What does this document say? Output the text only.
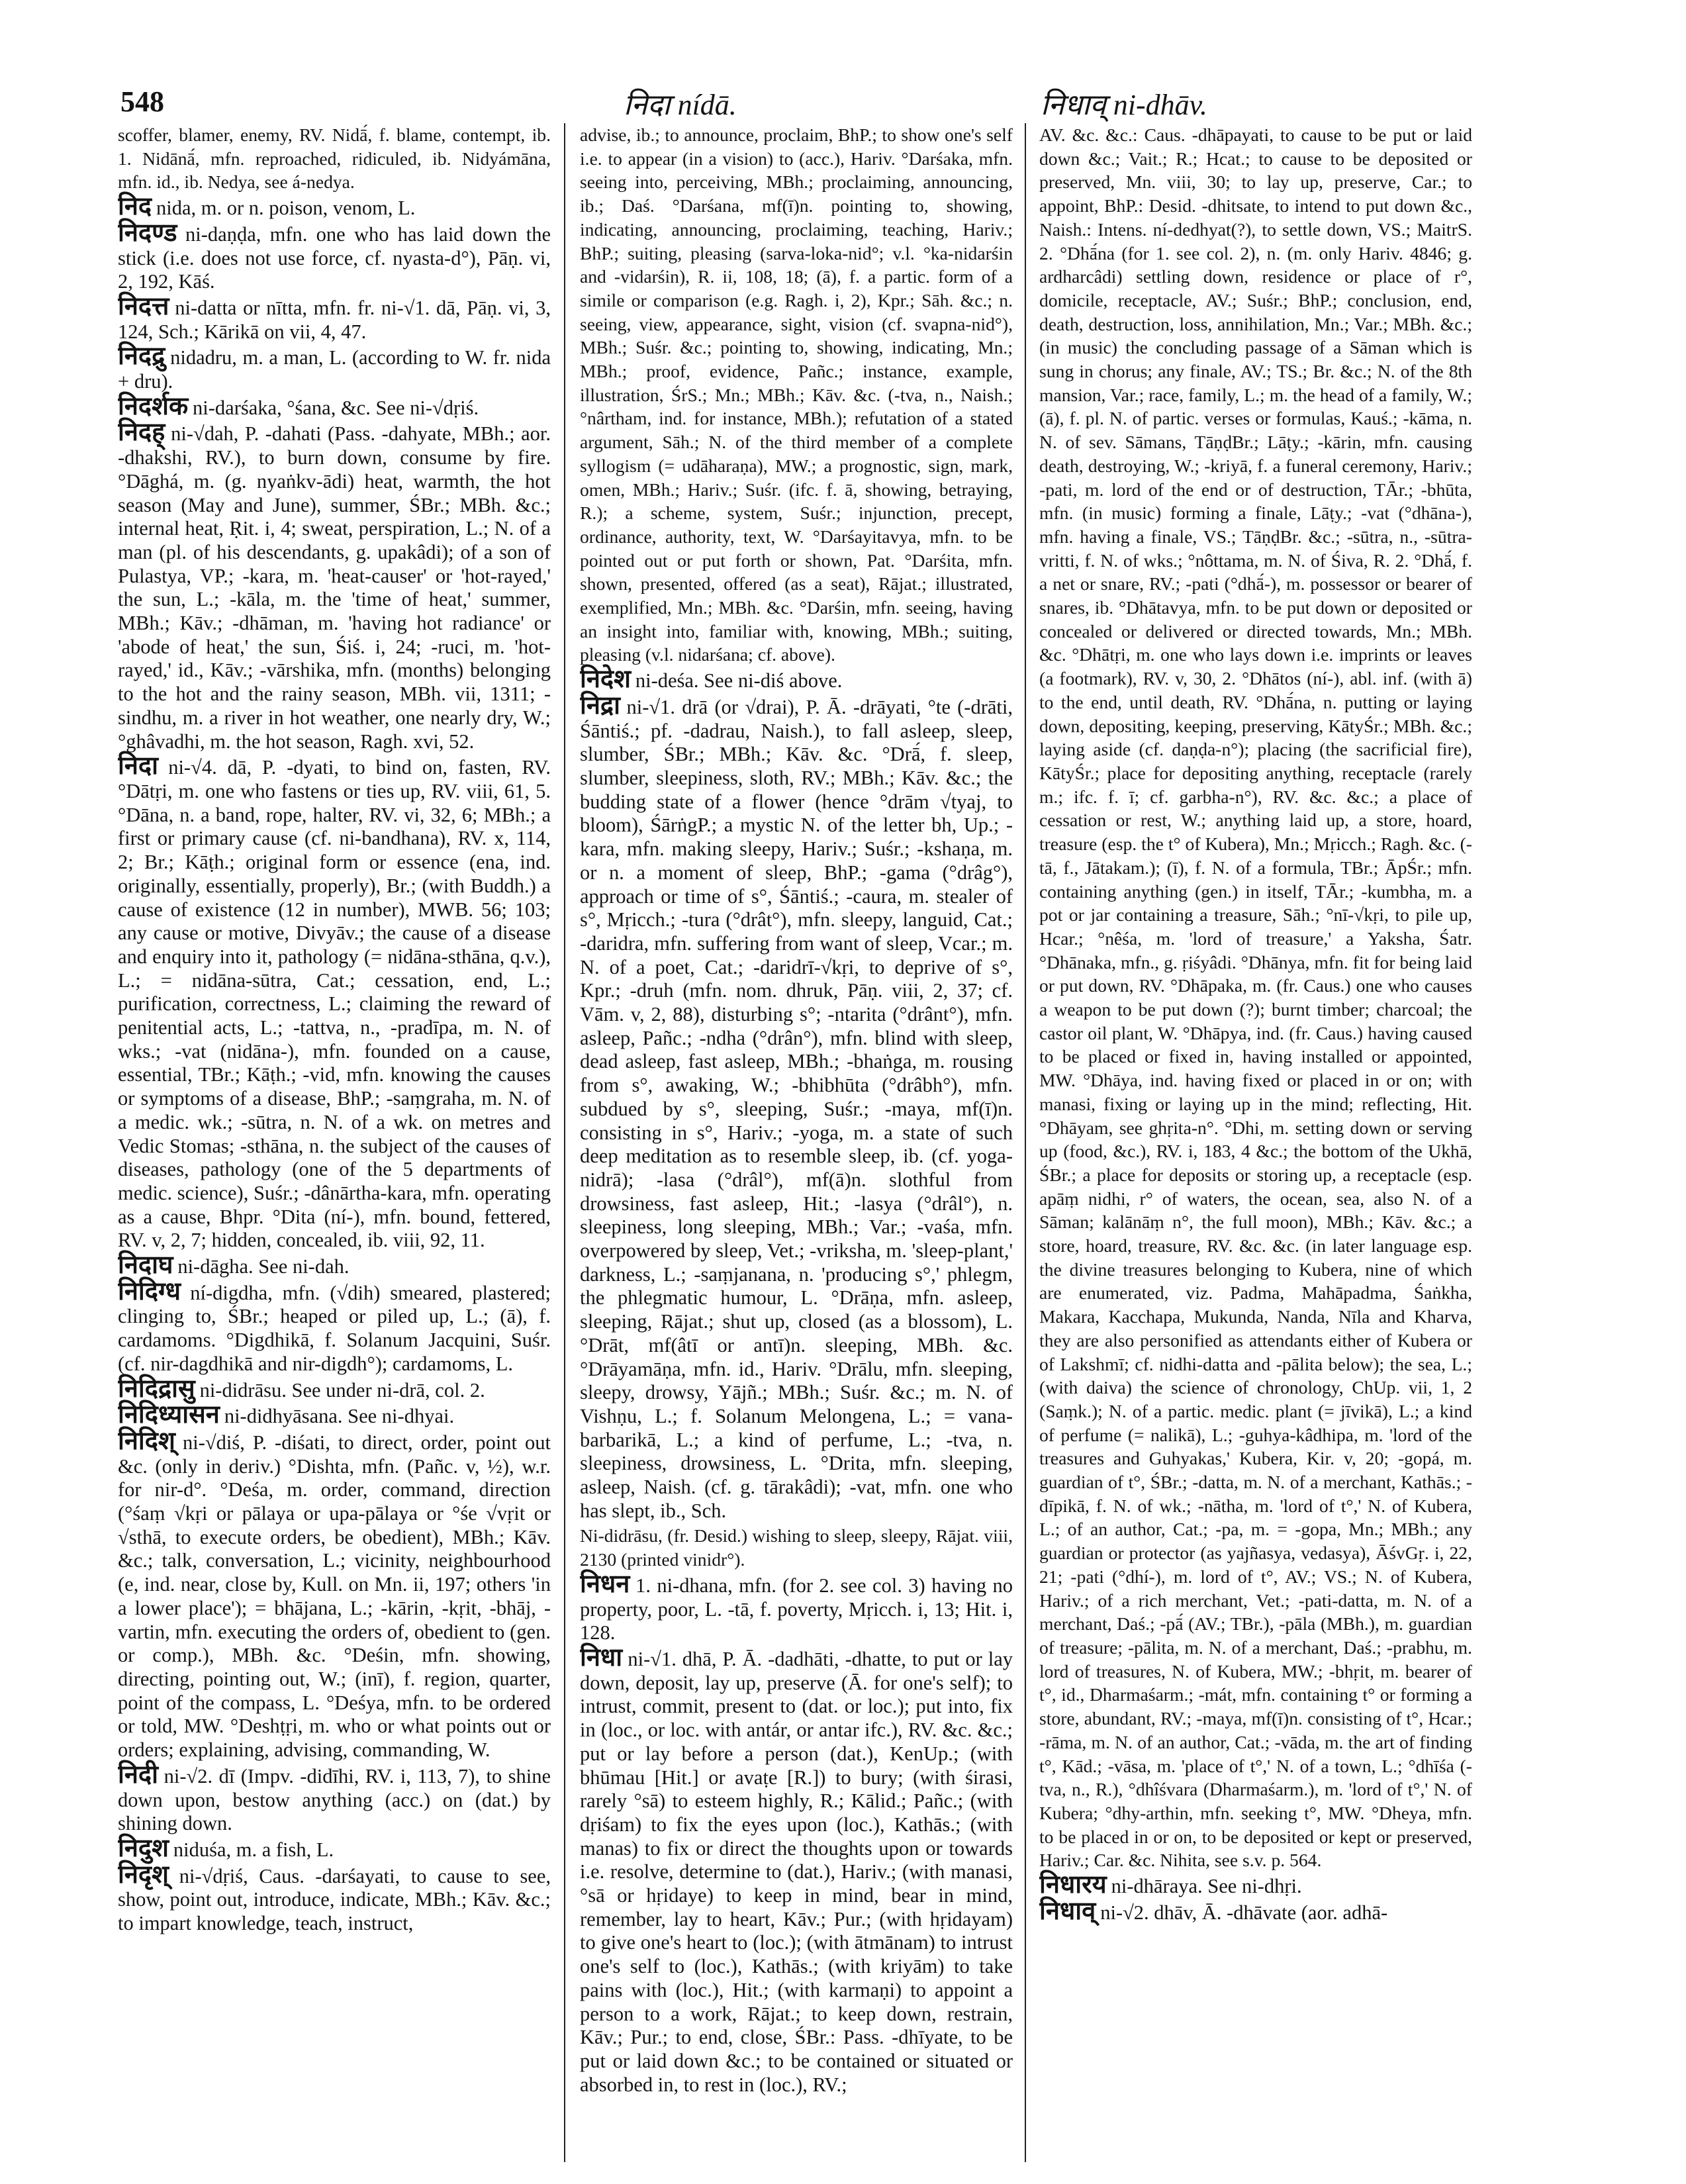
548	निदा nídā.	निधाव् ni-dhāv.

scoffer, blamer, enemy, RV. Nidā́, f. blame, contempt, ib. 1. Nidānā́, mfn. reproached, ridiculed, ib. Nidyámāna, mfn. id., ib. Nedya, see á-nedya.

निद nida, m. or n. poison, venom, L.

निदण्ड ni-daṇḍa, mfn. one who has laid down the stick (i.e. does not use force, cf. nyasta-d°), Pāṇ. vi, 2, 192, Kāś.

निदत्त ni-datta or nītta, mfn. fr. ni-√1. dā, Pāṇ. vi, 3, 124, Sch.; Kārikā on vii, 4, 47.

निदद्रु nidadru, m. a man, L. (according to W. fr. nida + dru).

निदर्शक ni-darśaka, °śana, &c. See ni-√dṛiś.

निदह् ni-√dah, P. -dahati (Pass. -dahyate, MBh.; aor. -dhakshi, RV.), to burn down, consume by fire. °Dāghá, m. (g. nyaṅkv-ādi) heat, warmth, the hot season (May and June), summer, ŚBr.; MBh. &c.; internal heat, Ṛit. i, 4; sweat, perspiration, L.; N. of a man (pl. of his descendants, g. upakâdi); of a son of Pulastya, VP.; -kara, m. 'heat-causer' or 'hot-rayed,' the sun, L.; -kāla, m. the 'time of heat,' summer, MBh.; Kāv.; -dhāman, m. 'having hot radiance' or 'abode of heat,' the sun, Śiś. i, 24; -ruci, m. 'hot-rayed,' id., Kāv.; -vārshika, mfn. (months) belonging to the hot and the rainy season, MBh. vii, 1311; -sindhu, m. a river in hot weather, one nearly dry, W.; °ghâvadhi, m. the hot season, Ragh. xvi, 52.

निदा ni-√4. dā, P. -dyati, to bind on, fasten, RV. °Dātṛi, m. one who fastens or ties up, RV. viii, 61, 5. °Dāna, n. a band, rope, halter, RV. vi, 32, 6; MBh.; a first or primary cause (cf. ni-bandhana), RV. x, 114, 2; Br.; Kāṭh.; original form or essence (ena, ind. originally, essentially, properly), Br.; (with Buddh.) a cause of existence (12 in number), MWB. 56; 103; any cause or motive, Divyāv.; the cause of a disease and enquiry into it, pathology (= nidāna-sthāna, q.v.), L.; = nidāna-sūtra, Cat.; cessation, end, L.; purification, correctness, L.; claiming the reward of penitential acts, L.; -tattva, n., -pradīpa, m. N. of wks.; -vat (nidāna-), mfn. founded on a cause, essential, TBr.; Kāṭh.; -vid, mfn. knowing the causes or symptoms of a disease, BhP.; -saṃgraha, m. N. of a medic. wk.; -sūtra, n. N. of a wk. on metres and Vedic Stomas; -sthāna, n. the subject of the causes of diseases, pathology (one of the 5 departments of medic. science), Suśr.; -dânārtha-kara, mfn. operating as a cause, Bhpr. °Dita (ní-), mfn. bound, fettered, RV. v, 2, 7; hidden, concealed, ib. viii, 92, 11.

निदाघ ni-dāgha. See ni-dah.

निदिग्ध ní-digdha, mfn. (√dih) smeared, plastered; clinging to, ŚBr.; heaped or piled up, L.; (ā), f. cardamoms. °Digdhikā, f. Solanum Jacquini, Suśr. (cf. nir-dagdhikā and nir-digdh°); cardamoms, L.

निदिद्रासु ni-didrāsu. See under ni-drā, col. 2.

निदिध्यासन ni-didhyāsana. See ni-dhyai.

निदिश् ni-√diś, P. -diśati, to direct, order, point out &c. (only in deriv.) °Dishta, mfn. (Pañc. v, ½), w.r. for nir-d°. °Deśa, m. order, command, direction (°śaṃ √kṛi or pālaya or upa-pālaya or °śe √vṛit or √sthā, to execute orders, be obedient), MBh.; Kāv. &c.; talk, conversation, L.; vicinity, neighbourhood (e, ind. near, close by, Kull. on Mn. ii, 197; others 'in a lower place'); = bhājana, L.; -kārin, -kṛit, -bhāj, -vartin, mfn. executing the orders of, obedient to (gen. or comp.), MBh. &c. °Deśin, mfn. showing, directing, pointing out, W.; (inī), f. region, quarter, point of the compass, L. °Deśya, mfn. to be ordered or told, MW. °Deshṭṛi, m. who or what points out or orders; explaining, advising, commanding, W.

निदी ni-√2. dī (Impv. -didīhi, RV. i, 113, 7), to shine down upon, bestow anything (acc.) on (dat.) by shining down.

निदुश niduśa, m. a fish, L.

निदृश् ni-√dṛiś, Caus. -darśayati, to cause to see, show, point out, introduce, indicate, MBh.; Kāv. &c.; to impart knowledge, teach, instruct,

advise, ib.; to announce, proclaim, BhP.; to show one's self i.e. to appear (in a vision) to (acc.), Hariv. °Darśaka, mfn. seeing into, perceiving, MBh.; proclaiming, announcing, ib.; Daś. °Darśana, mf(ī)n. pointing to, showing, indicating, announcing, proclaiming, teaching, Hariv.; BhP.; suiting, pleasing (sarva-loka-nid°; v.l. °ka-nidarśin and -vidarśin), R. ii, 108, 18; (ā), f. a partic. form of a simile or comparison (e.g. Ragh. i, 2), Kpr.; Sāh. &c.; n. seeing, view, appearance, sight, vision (cf. svapna-nid°), MBh.; Suśr. &c.; pointing to, showing, indicating, Mn.; MBh.; proof, evidence, Pañc.; instance, example, illustration, ŚrS.; Mn.; MBh.; Kāv. &c. (-tva, n., Naish.; °nârtham, ind. for instance, MBh.); refutation of a stated argument, Sāh.; N. of the third member of a complete syllogism (= udāharaṇa), MW.; a prognostic, sign, mark, omen, MBh.; Hariv.; Suśr. (ifc. f. ā, showing, betraying, R.); a scheme, system, Suśr.; injunction, precept, ordinance, authority, text, W. °Darśayitavya, mfn. to be pointed out or put forth or shown, Pat. °Darśita, mfn. shown, presented, offered (as a seat), Rājat.; illustrated, exemplified, Mn.; MBh. &c. °Darśin, mfn. seeing, having an insight into, familiar with, knowing, MBh.; suiting, pleasing (v.l. nidarśana; cf. above).

निदेश ni-deśa. See ni-diś above.

निद्रा ni-√1. drā (or √drai), P. Ā. -drāyati, °te (-drāti, Śāntiś.; pf. -dadrau, Naish.), to fall asleep, sleep, slumber, ŚBr.; MBh.; Kāv. &c. °Drā́, f. sleep, slumber, sleepiness, sloth, RV.; MBh.; Kāv. &c.; the budding state of a flower (hence °drām √tyaj, to bloom), ŚārṅgP.; a mystic N. of the letter bh, Up.; -kara, mfn. making sleepy, Hariv.; Suśr.; -kshaṇa, m. or n. a moment of sleep, BhP.; -gama (°drâg°), approach or time of s°, Śāntiś.; -caura, m. stealer of s°, Mṛicch.; -tura (°drât°), mfn. sleepy, languid, Cat.; -daridra, mfn. suffering from want of sleep, Vcar.; m. N. of a poet, Cat.; -daridrī-√kṛi, to deprive of s°, Kpr.; -druh (mfn. nom. dhruk, Pāṇ. viii, 2, 37; cf. Vām. v, 2, 88), disturbing s°; -ntarita (°drânt°), mfn. asleep, Pañc.; -ndha (°drân°), mfn. blind with sleep, dead asleep, fast asleep, MBh.; -bhaṅga, m. rousing from s°, awaking, W.; -bhibhūta (°drâbh°), mfn. subdued by s°, sleeping, Suśr.; -maya, mf(ī)n. consisting in s°, Hariv.; -yoga, m. a state of such deep meditation as to resemble sleep, ib. (cf. yoga-nidrā); -lasa (°drâl°), mf(ā)n. slothful from drowsiness, fast asleep, Hit.; -lasya (°drâl°), n. sleepiness, long sleeping, MBh.; Var.; -vaśa, mfn. overpowered by sleep, Vet.; -vriksha, m. 'sleep-plant,' darkness, L.; -saṃjanana, n. 'producing s°,' phlegm, the phlegmatic humour, L. °Drāṇa, mfn. asleep, sleeping, Rājat.; shut up, closed (as a blossom), L. °Drāt, mf(âtī or antī)n. sleeping, MBh. &c. °Drāyamāṇa, mfn. id., Hariv. °Drālu, mfn. sleeping, sleepy, drowsy, Yājñ.; MBh.; Suśr. &c.; m. N. of Vishṇu, L.; f. Solanum Melongena, L.; = vana-barbarikā, L.; a kind of perfume, L.; -tva, n. sleepiness, drowsiness, L. °Drita, mfn. sleeping, asleep, Naish. (cf. g. tārakâdi); -vat, mfn. one who has slept, ib., Sch.

Ni-didrāsu, (fr. Desid.) wishing to sleep, sleepy, Rājat. viii, 2130 (printed vinidr°).

निधन 1. ni-dhana, mfn. (for 2. see col. 3) having no property, poor, L. -tā, f. poverty, Mṛicch. i, 13; Hit. i, 128.

निधा ni-√1. dhā, P. Ā. -dadhāti, -dhatte, to put or lay down, deposit, lay up, preserve (Ā. for one's self); to intrust, commit, present to (dat. or loc.); put into, fix in (loc., or loc. with antár, or antar ifc.), RV. &c. &c.; put or lay before a person (dat.), KenUp.; (with bhūmau [Hit.] or avaṭe [R.]) to bury; (with śirasi, rarely °sā) to esteem highly, R.; Kālid.; Pañc.; (with dṛiśam) to fix the eyes upon (loc.), Kathās.; (with manas) to fix or direct the thoughts upon or towards i.e. resolve, determine to (dat.), Hariv.; (with manasi, °sā or hṛidaye) to keep in mind, bear in mind, remember, lay to heart, Kāv.; Pur.; (with hṛidayam) to give one's heart to (loc.); (with ātmānam) to intrust one's self to (loc.), Kathās.; (with kriyām) to take pains with (loc.), Hit.; (with karmaṇi) to appoint a person to a work, Rājat.; to keep down, restrain, Kāv.; Pur.; to end, close, ŚBr.: Pass. -dhīyate, to be put or laid down &c.; to be contained or situated or absorbed in, to rest in (loc.), RV.;

AV. &c. &c.: Caus. -dhāpayati, to cause to be put or laid down &c.; Vait.; R.; Hcat.; to cause to be deposited or preserved, Mn. viii, 30; to lay up, preserve, Car.; to appoint, BhP.: Desid. -dhitsate, to intend to put down &c., Naish.: Intens. ní-dedhyat(?), to settle down, VS.; MaitrS. 2. °Dhā́na (for 1. see col. 2), n. (m. only Hariv. 4846; g. ardharcâdi) settling down, residence or place of r°, domicile, receptacle, AV.; Suśr.; BhP.; conclusion, end, death, destruction, loss, annihilation, Mn.; Var.; MBh. &c.; (in music) the concluding passage of a Sāman which is sung in chorus; any finale, AV.; TS.; Br. &c.; N. of the 8th mansion, Var.; race, family, L.; m. the head of a family, W.; (ā), f. pl. N. of partic. verses or formulas, Kauś.; -kāma, n. N. of sev. Sāmans, TāṇḍBr.; Lāṭy.; -kārin, mfn. causing death, destroying, W.; -kriyā, f. a funeral ceremony, Hariv.; -pati, m. lord of the end or of destruction, TĀr.; -bhūta, mfn. (in music) forming a finale, Lāṭy.; -vat (°dhāna-), mfn. having a finale, VS.; TāṇḍBr. &c.; -sūtra, n., -sūtra-vritti, f. N. of wks.; °nôttama, m. N. of Śiva, R. 2. °Dhā́, f. a net or snare, RV.; -pati (°dhā́-), m. possessor or bearer of snares, ib. °Dhātavya, mfn. to be put down or deposited or concealed or delivered or directed towards, Mn.; MBh. &c. °Dhātṛi, m. one who lays down i.e. imprints or leaves (a footmark), RV. v, 30, 2. °Dhātos (ní-), abl. inf. (with ā) to the end, until death, RV. °Dhā́na, n. putting or laying down, depositing, keeping, preserving, KātyŚr.; MBh. &c.; laying aside (cf. daṇḍa-n°); placing (the sacrificial fire), KātyŚr.; place for depositing anything, receptacle (rarely m.; ifc. f. ī; cf. garbha-n°), RV. &c. &c.; a place of cessation or rest, W.; anything laid up, a store, hoard, treasure (esp. the t° of Kubera), Mn.; Mṛicch.; Ragh. &c. (-tā, f., Jātakam.); (ī), f. N. of a formula, TBr.; ĀpŚr.; mfn. containing anything (gen.) in itself, TĀr.; -kumbha, m. a pot or jar containing a treasure, Sāh.; °nī-√kṛi, to pile up, Hcar.; °nêśa, m. 'lord of treasure,' a Yaksha, Śatr. °Dhānaka, mfn., g. ṛiśyâdi. °Dhānya, mfn. fit for being laid or put down, RV. °Dhāpaka, m. (fr. Caus.) one who causes a weapon to be put down (?); burnt timber; charcoal; the castor oil plant, W. °Dhāpya, ind. (fr. Caus.) having caused to be placed or fixed in, having installed or appointed, MW. °Dhāya, ind. having fixed or placed in or on; with manasi, fixing or laying up in the mind; reflecting, Hit. °Dhāyam, see ghṛita-n°. °Dhi, m. setting down or serving up (food, &c.), RV. i, 183, 4 &c.; the bottom of the Ukhā, ŚBr.; a place for deposits or storing up, a receptacle (esp. apāṃ nidhi, r° of waters, the ocean, sea, also N. of a Sāman; kalānāṃ n°, the full moon), MBh.; Kāv. &c.; a store, hoard, treasure, RV. &c. &c. (in later language esp. the divine treasures belonging to Kubera, nine of which are enumerated, viz. Padma, Mahāpadma, Śaṅkha, Makara, Kacchapa, Mukunda, Nanda, Nīla and Kharva, they are also personified as attendants either of Kubera or of Lakshmī; cf. nidhi-datta and -pālita below); the sea, L.; (with daiva) the science of chronology, ChUp. vii, 1, 2 (Saṃk.); N. of a partic. medic. plant (= jīvikā), L.; a kind of perfume (= nalikā), L.; -guhya-kâdhipa, m. 'lord of the treasures and Guhyakas,' Kubera, Kir. v, 20; -gopá, m. guardian of t°, ŚBr.; -datta, m. N. of a merchant, Kathās.; -dīpikā, f. N. of wk.; -nātha, m. 'lord of t°,' N. of Kubera, L.; of an author, Cat.; -pa, m. = -gopa, Mn.; MBh.; any guardian or protector (as yajñasya, vedasya), ĀśvGṛ. i, 22, 21; -pati (°dhí-), m. lord of t°, AV.; VS.; N. of Kubera, Hariv.; of a rich merchant, Vet.; -pati-datta, m. N. of a merchant, Daś.; -pā́ (AV.; TBr.), -pāla (MBh.), m. guardian of treasure; -pālita, m. N. of a merchant, Daś.; -prabhu, m. lord of treasures, N. of Kubera, MW.; -bhṛit, m. bearer of t°, id., Dharmaśarm.; -mát, mfn. containing t° or forming a store, abundant, RV.; -maya, mf(ī)n. consisting of t°, Hcar.; -rāma, m. N. of an author, Cat.; -vāda, m. the art of finding t°, Kād.; -vāsa, m. 'place of t°,' N. of a town, L.; °dhīśa (-tva, n., R.), °dhîśvara (Dharmaśarm.), m. 'lord of t°,' N. of Kubera; °dhy-arthin, mfn. seeking t°, MW. °Dheya, mfn. to be placed in or on, to be deposited or kept or preserved, Hariv.; Car. &c. Nihita, see s.v. p. 564.

निधारय ni-dhāraya. See ni-dhṛi.

निधाव् ni-√2. dhāv, Ā. -dhāvate (aor. adhā-
